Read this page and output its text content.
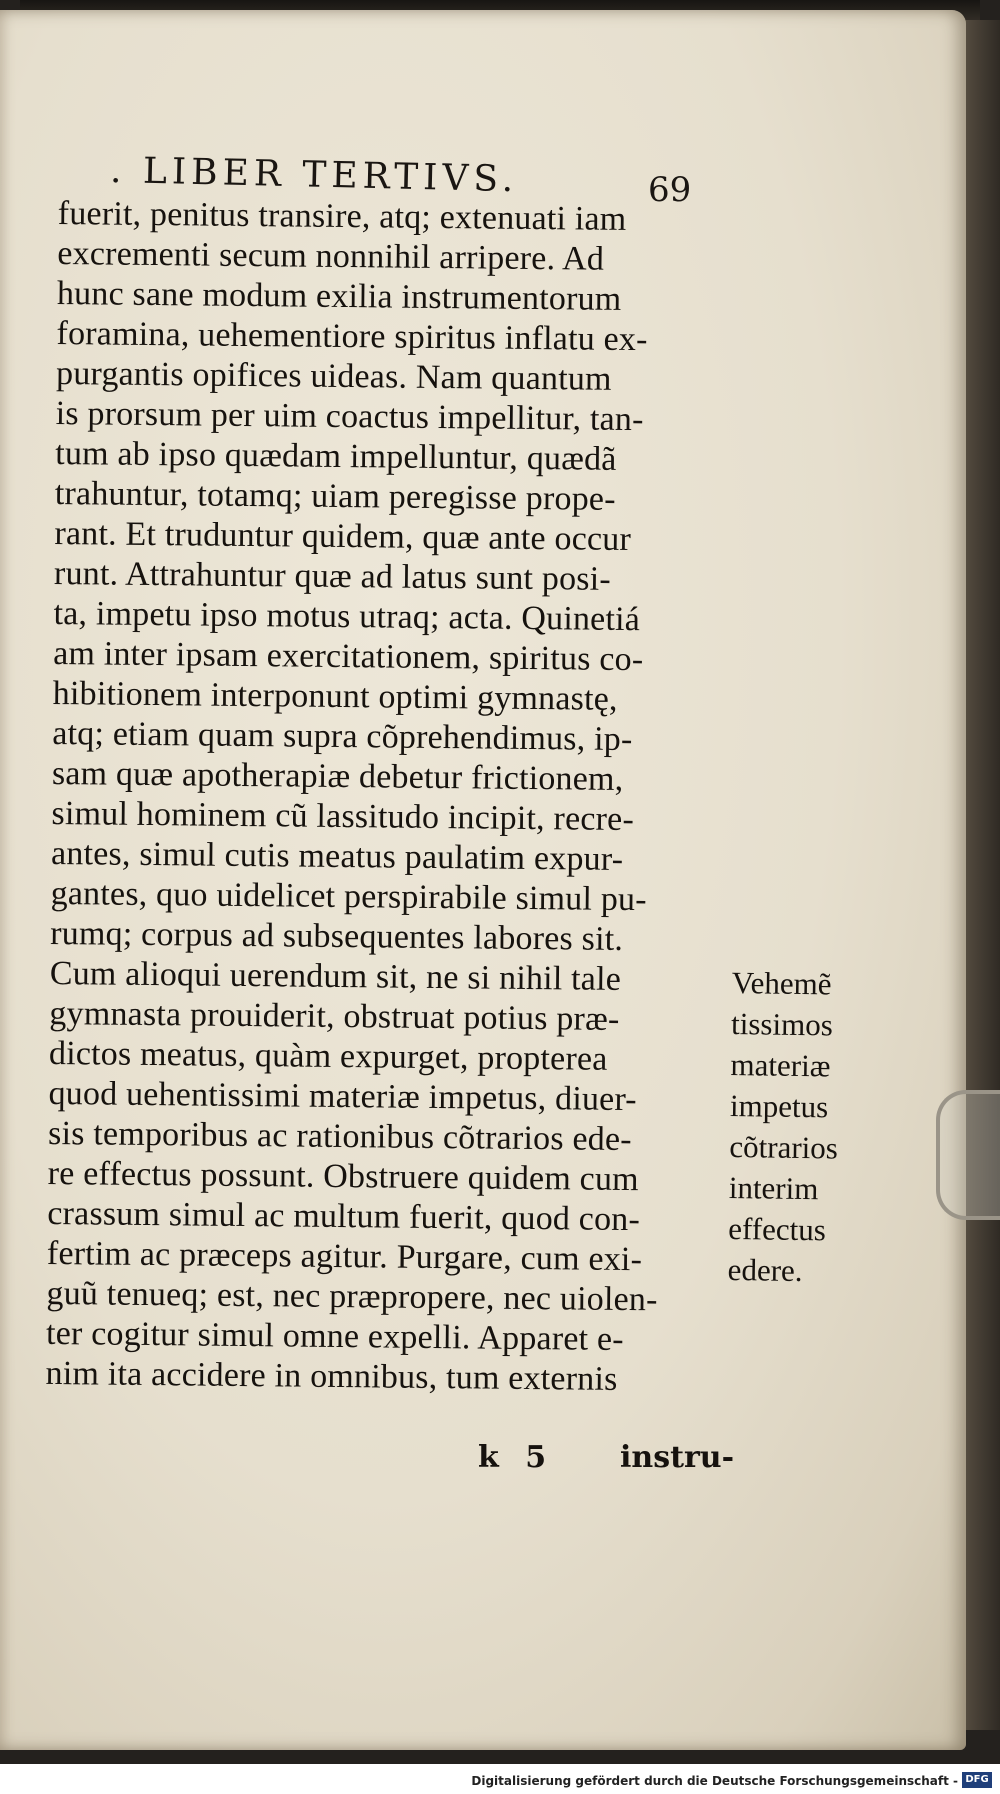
. LIBER TERTIVS.	69
fuerit, penitus transire, atq; extenuati iam
excrementi secum nonnihil arripere. Ad
hunc sane modum exilia instrumentorum
foramina, uehementiore spiritus inflatu ex-
purgantis opifices uideas. Nam quantum
is prorsum per uim coactus impellitur, tan-
tum ab ipso quædam impelluntur, quædã
trahuntur, totamq; uiam peregisse prope-
rant. Et truduntur quidem, quæ ante occur
runt. Attrahuntur quæ ad latus sunt posi-
ta, impetu ipso motus utraq; acta. Quinetiá
am inter ipsam exercitationem, spiritus co-
hibitionem interponunt optimi gymnastę,
atq; etiam quam supra cõprehendimus, ip-
sam quæ apotherapiæ debetur frictionem,
simul hominem cũ lassitudo incipit, recre-
antes, simul cutis meatus paulatim expur-
gantes, quo uidelicet perspirabile simul pu-
rumq; corpus ad subsequentes labores sit.
Cum alioqui uerendum sit, ne si nihil tale
gymnasta prouiderit, obstruat potius præ-
dictos meatus, quàm expurget, propterea
quod uehentissimi materiæ impetus, diuer-
sis temporibus ac rationibus cõtrarios ede-
re effectus possunt. Obstruere quidem cum
crassum simul ac multum fuerit, quod con-
fertim ac præceps agitur. Purgare, cum exi-
guũ tenueq; est, nec præpropere, nec uiolen-
ter cogitur simul omne expelli. Apparet e-
nim ita accidere in omnibus, tum externis
Vehemẽ
tissimos
materiæ
impetus
cõtrarios
interim
effectus
edere.
k 5 instru-
Digitalisierung gefördert durch die Deutsche Forschungsgemeinschaft - DFG
